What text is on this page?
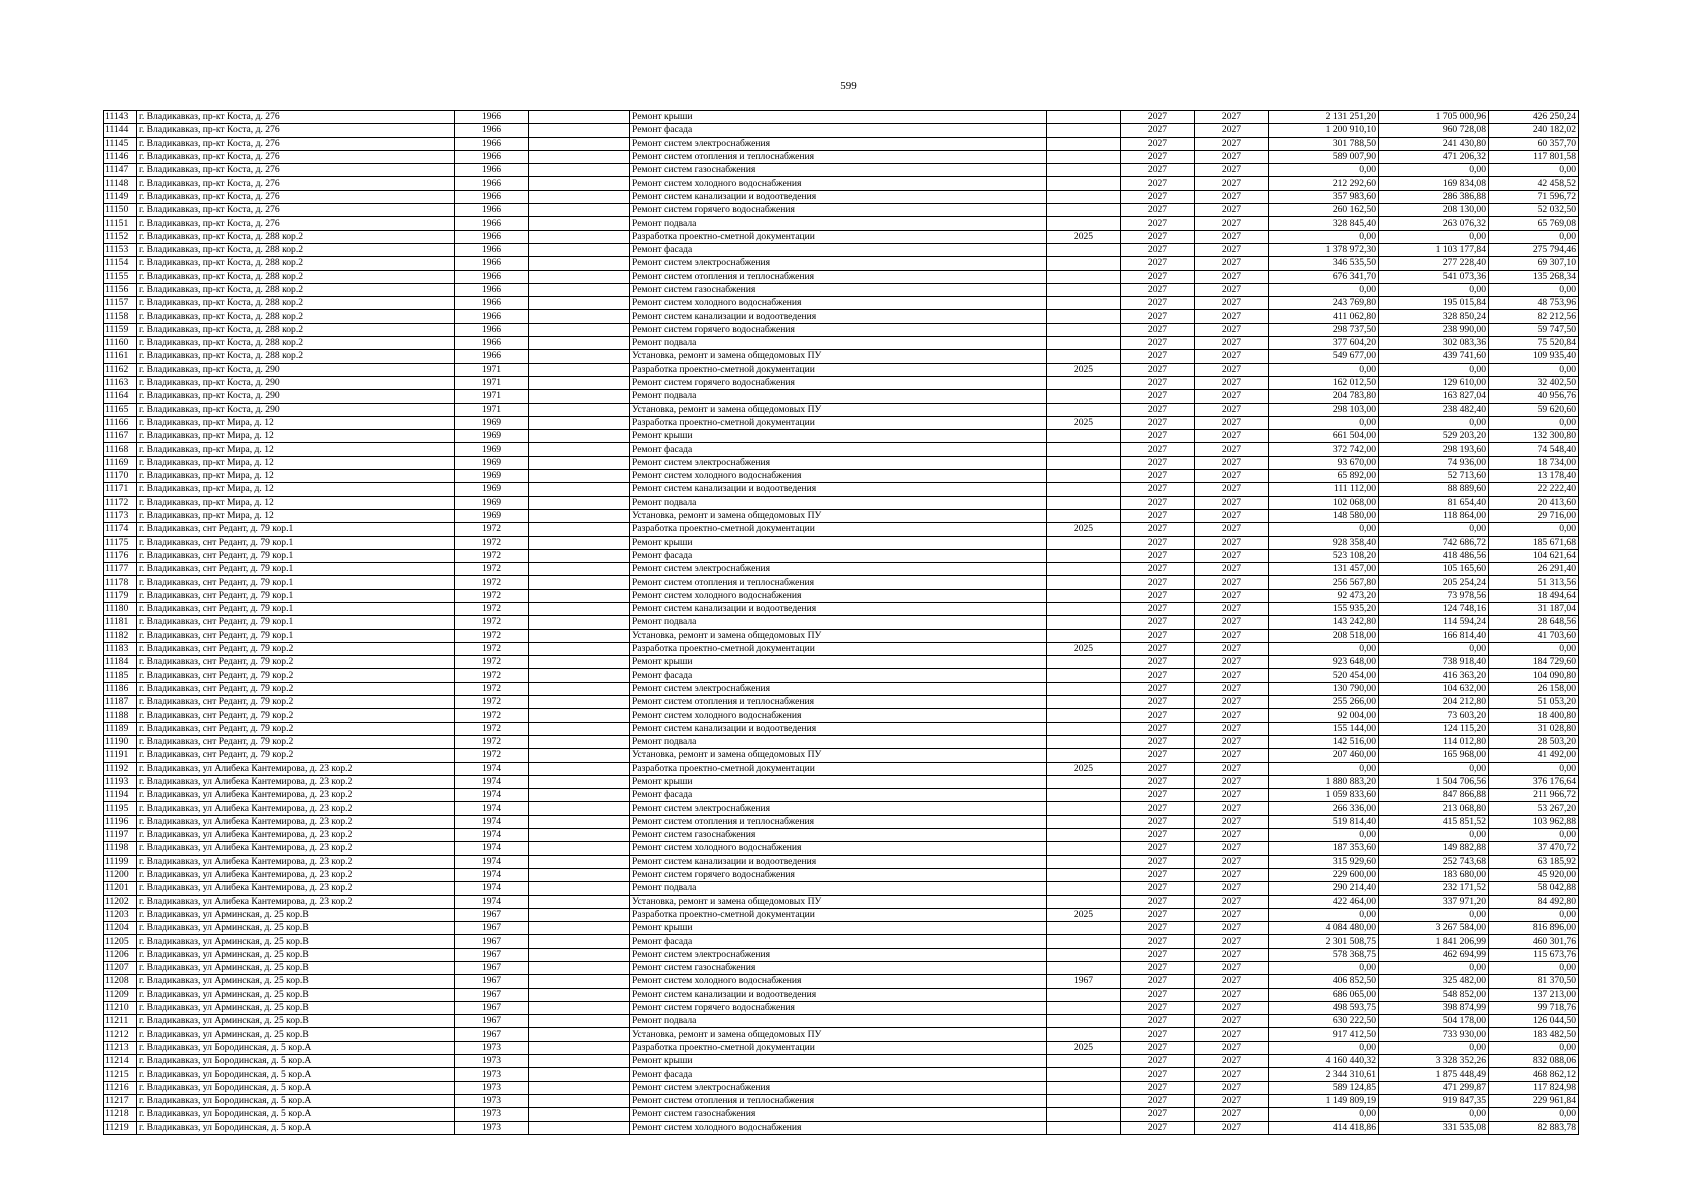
599
11143	г. Владикавказ, пр-кт Коста, д. 276	1966		Ремонт крыши		2027	2027	2 131 251,20	1 705 000,96	426 250,24
11144	г. Владикавказ, пр-кт Коста, д. 276	1966		Ремонт фасада		2027	2027	1 200 910,10	960 728,08	240 182,02
11145	г. Владикавказ, пр-кт Коста, д. 276	1966		Ремонт систем электроснабжения		2027	2027	301 788,50	241 430,80	60 357,70
11146	г. Владикавказ, пр-кт Коста, д. 276	1966		Ремонт систем отопления и теплоснабжения		2027	2027	589 007,90	471 206,32	117 801,58
11147	г. Владикавказ, пр-кт Коста, д. 276	1966		Ремонт систем газоснабжения		2027	2027	0,00	0,00	0,00
11148	г. Владикавказ, пр-кт Коста, д. 276	1966		Ремонт систем холодного водоснабжения		2027	2027	212 292,60	169 834,08	42 458,52
11149	г. Владикавказ, пр-кт Коста, д. 276	1966		Ремонт систем канализации и водоотведения		2027	2027	357 983,60	286 386,88	71 596,72
11150	г. Владикавказ, пр-кт Коста, д. 276	1966		Ремонт систем горячего водоснабжения		2027	2027	260 162,50	208 130,00	52 032,50
11151	г. Владикавказ, пр-кт Коста, д. 276	1966		Ремонт подвала		2027	2027	328 845,40	263 076,32	65 769,08
11152	г. Владикавказ, пр-кт Коста, д. 288 кор.2	1966		Разработка проектно-сметной документации	2025	2027	2027	0,00	0,00	0,00
11153	г. Владикавказ, пр-кт Коста, д. 288 кор.2	1966		Ремонт фасада		2027	2027	1 378 972,30	1 103 177,84	275 794,46
11154	г. Владикавказ, пр-кт Коста, д. 288 кор.2	1966		Ремонт систем электроснабжения		2027	2027	346 535,50	277 228,40	69 307,10
11155	г. Владикавказ, пр-кт Коста, д. 288 кор.2	1966		Ремонт систем отопления и теплоснабжения		2027	2027	676 341,70	541 073,36	135 268,34
11156	г. Владикавказ, пр-кт Коста, д. 288 кор.2	1966		Ремонт систем газоснабжения		2027	2027	0,00	0,00	0,00
11157	г. Владикавказ, пр-кт Коста, д. 288 кор.2	1966		Ремонт систем холодного водоснабжения		2027	2027	243 769,80	195 015,84	48 753,96
11158	г. Владикавказ, пр-кт Коста, д. 288 кор.2	1966		Ремонт систем канализации и водоотведения		2027	2027	411 062,80	328 850,24	82 212,56
11159	г. Владикавказ, пр-кт Коста, д. 288 кор.2	1966		Ремонт систем горячего водоснабжения		2027	2027	298 737,50	238 990,00	59 747,50
11160	г. Владикавказ, пр-кт Коста, д. 288 кор.2	1966		Ремонт подвала		2027	2027	377 604,20	302 083,36	75 520,84
11161	г. Владикавказ, пр-кт Коста, д. 288 кор.2	1966		Установка, ремонт и замена общедомовых ПУ		2027	2027	549 677,00	439 741,60	109 935,40
11162	г. Владикавказ, пр-кт Коста, д. 290	1971		Разработка проектно-сметной документации	2025	2027	2027	0,00	0,00	0,00
11163	г. Владикавказ, пр-кт Коста, д. 290	1971		Ремонт систем горячего водоснабжения		2027	2027	162 012,50	129 610,00	32 402,50
11164	г. Владикавказ, пр-кт Коста, д. 290	1971		Ремонт подвала		2027	2027	204 783,80	163 827,04	40 956,76
11165	г. Владикавказ, пр-кт Коста, д. 290	1971		Установка, ремонт и замена общедомовых ПУ		2027	2027	298 103,00	238 482,40	59 620,60
11166	г. Владикавказ, пр-кт Мира, д. 12	1969		Разработка проектно-сметной документации	2025	2027	2027	0,00	0,00	0,00
11167	г. Владикавказ, пр-кт Мира, д. 12	1969		Ремонт крыши		2027	2027	661 504,00	529 203,20	132 300,80
11168	г. Владикавказ, пр-кт Мира, д. 12	1969		Ремонт фасада		2027	2027	372 742,00	298 193,60	74 548,40
11169	г. Владикавказ, пр-кт Мира, д. 12	1969		Ремонт систем электроснабжения		2027	2027	93 670,00	74 936,00	18 734,00
11170	г. Владикавказ, пр-кт Мира, д. 12	1969		Ремонт систем холодного водоснабжения		2027	2027	65 892,00	52 713,60	13 178,40
11171	г. Владикавказ, пр-кт Мира, д. 12	1969		Ремонт систем канализации и водоотведения		2027	2027	111 112,00	88 889,60	22 222,40
11172	г. Владикавказ, пр-кт Мира, д. 12	1969		Ремонт подвала		2027	2027	102 068,00	81 654,40	20 413,60
11173	г. Владикавказ, пр-кт Мира, д. 12	1969		Установка, ремонт и замена общедомовых ПУ		2027	2027	148 580,00	118 864,00	29 716,00
11174	г. Владикавказ, снт Редант, д. 79 кор.1	1972		Разработка проектно-сметной документации	2025	2027	2027	0,00	0,00	0,00
11175	г. Владикавказ, снт Редант, д. 79 кор.1	1972		Ремонт крыши		2027	2027	928 358,40	742 686,72	185 671,68
11176	г. Владикавказ, снт Редант, д. 79 кор.1	1972		Ремонт фасада		2027	2027	523 108,20	418 486,56	104 621,64
11177	г. Владикавказ, снт Редант, д. 79 кор.1	1972		Ремонт систем электроснабжения		2027	2027	131 457,00	105 165,60	26 291,40
11178	г. Владикавказ, снт Редант, д. 79 кор.1	1972		Ремонт систем отопления и теплоснабжения		2027	2027	256 567,80	205 254,24	51 313,56
11179	г. Владикавказ, снт Редант, д. 79 кор.1	1972		Ремонт систем холодного водоснабжения		2027	2027	92 473,20	73 978,56	18 494,64
11180	г. Владикавказ, снт Редант, д. 79 кор.1	1972		Ремонт систем канализации и водоотведения		2027	2027	155 935,20	124 748,16	31 187,04
11181	г. Владикавказ, снт Редант, д. 79 кор.1	1972		Ремонт подвала		2027	2027	143 242,80	114 594,24	28 648,56
11182	г. Владикавказ, снт Редант, д. 79 кор.1	1972		Установка, ремонт и замена общедомовых ПУ		2027	2027	208 518,00	166 814,40	41 703,60
11183	г. Владикавказ, снт Редант, д. 79 кор.2	1972		Разработка проектно-сметной документации	2025	2027	2027	0,00	0,00	0,00
11184	г. Владикавказ, снт Редант, д. 79 кор.2	1972		Ремонт крыши		2027	2027	923 648,00	738 918,40	184 729,60
11185	г. Владикавказ, снт Редант, д. 79 кор.2	1972		Ремонт фасада		2027	2027	520 454,00	416 363,20	104 090,80
11186	г. Владикавказ, снт Редант, д. 79 кор.2	1972		Ремонт систем электроснабжения		2027	2027	130 790,00	104 632,00	26 158,00
11187	г. Владикавказ, снт Редант, д. 79 кор.2	1972		Ремонт систем отопления и теплоснабжения		2027	2027	255 266,00	204 212,80	51 053,20
11188	г. Владикавказ, снт Редант, д. 79 кор.2	1972		Ремонт систем холодного водоснабжения		2027	2027	92 004,00	73 603,20	18 400,80
11189	г. Владикавказ, снт Редант, д. 79 кор.2	1972		Ремонт систем канализации и водоотведения		2027	2027	155 144,00	124 115,20	31 028,80
11190	г. Владикавказ, снт Редант, д. 79 кор.2	1972		Ремонт подвала		2027	2027	142 516,00	114 012,80	28 503,20
11191	г. Владикавказ, снт Редант, д. 79 кор.2	1972		Установка, ремонт и замена общедомовых ПУ		2027	2027	207 460,00	165 968,00	41 492,00
11192	г. Владикавказ, ул Алибека Кантемирова, д. 23 кор.2	1974		Разработка проектно-сметной документации	2025	2027	2027	0,00	0,00	0,00
11193	г. Владикавказ, ул Алибека Кантемирова, д. 23 кор.2	1974		Ремонт крыши		2027	2027	1 880 883,20	1 504 706,56	376 176,64
11194	г. Владикавказ, ул Алибека Кантемирова, д. 23 кор.2	1974		Ремонт фасада		2027	2027	1 059 833,60	847 866,88	211 966,72
11195	г. Владикавказ, ул Алибека Кантемирова, д. 23 кор.2	1974		Ремонт систем электроснабжения		2027	2027	266 336,00	213 068,80	53 267,20
11196	г. Владикавказ, ул Алибека Кантемирова, д. 23 кор.2	1974		Ремонт систем отопления и теплоснабжения		2027	2027	519 814,40	415 851,52	103 962,88
11197	г. Владикавказ, ул Алибека Кантемирова, д. 23 кор.2	1974		Ремонт систем газоснабжения		2027	2027	0,00	0,00	0,00
11198	г. Владикавказ, ул Алибека Кантемирова, д. 23 кор.2	1974		Ремонт систем холодного водоснабжения		2027	2027	187 353,60	149 882,88	37 470,72
11199	г. Владикавказ, ул Алибека Кантемирова, д. 23 кор.2	1974		Ремонт систем канализации и водоотведения		2027	2027	315 929,60	252 743,68	63 185,92
11200	г. Владикавказ, ул Алибека Кантемирова, д. 23 кор.2	1974		Ремонт систем горячего водоснабжения		2027	2027	229 600,00	183 680,00	45 920,00
11201	г. Владикавказ, ул Алибека Кантемирова, д. 23 кор.2	1974		Ремонт подвала		2027	2027	290 214,40	232 171,52	58 042,88
11202	г. Владикавказ, ул Алибека Кантемирова, д. 23 кор.2	1974		Установка, ремонт и замена общедомовых ПУ		2027	2027	422 464,00	337 971,20	84 492,80
11203	г. Владикавказ, ул Арминская, д. 25 кор.В	1967		Разработка проектно-сметной документации	2025	2027	2027	0,00	0,00	0,00
11204	г. Владикавказ, ул Арминская, д. 25 кор.В	1967		Ремонт крыши		2027	2027	4 084 480,00	3 267 584,00	816 896,00
11205	г. Владикавказ, ул Арминская, д. 25 кор.В	1967		Ремонт фасада		2027	2027	2 301 508,75	1 841 206,99	460 301,76
11206	г. Владикавказ, ул Арминская, д. 25 кор.В	1967		Ремонт систем электроснабжения		2027	2027	578 368,75	462 694,99	115 673,76
11207	г. Владикавказ, ул Арминская, д. 25 кор.В	1967		Ремонт систем газоснабжения		2027	2027	0,00	0,00	0,00
11208	г. Владикавказ, ул Арминская, д. 25 кор.В	1967		Ремонт систем холодного водоснабжения	1967	2027	2027	406 852,50	325 482,00	81 370,50
11209	г. Владикавказ, ул Арминская, д. 25 кор.В	1967		Ремонт систем канализации и водоотведения		2027	2027	686 065,00	548 852,00	137 213,00
11210	г. Владикавказ, ул Арминская, д. 25 кор.В	1967		Ремонт систем горячего водоснабжения		2027	2027	498 593,75	398 874,99	99 718,76
11211	г. Владикавказ, ул Арминская, д. 25 кор.В	1967		Ремонт подвала		2027	2027	630 222,50	504 178,00	126 044,50
11212	г. Владикавказ, ул Арминская, д. 25 кор.В	1967		Установка, ремонт и замена общедомовых ПУ		2027	2027	917 412,50	733 930,00	183 482,50
11213	г. Владикавказ, ул Бородинская, д. 5 кор.А	1973		Разработка проектно-сметной документации	2025	2027	2027	0,00	0,00	0,00
11214	г. Владикавказ, ул Бородинская, д. 5 кор.А	1973		Ремонт крыши		2027	2027	4 160 440,32	3 328 352,26	832 088,06
11215	г. Владикавказ, ул Бородинская, д. 5 кор.А	1973		Ремонт фасада		2027	2027	2 344 310,61	1 875 448,49	468 862,12
11216	г. Владикавказ, ул Бородинская, д. 5 кор.А	1973		Ремонт систем электроснабжения		2027	2027	589 124,85	471 299,87	117 824,98
11217	г. Владикавказ, ул Бородинская, д. 5 кор.А	1973		Ремонт систем отопления и теплоснабжения		2027	2027	1 149 809,19	919 847,35	229 961,84
11218	г. Владикавказ, ул Бородинская, д. 5 кор.А	1973		Ремонт систем газоснабжения		2027	2027	0,00	0,00	0,00
11219	г. Владикавказ, ул Бородинская, д. 5 кор.А	1973		Ремонт систем холодного водоснабжения		2027	2027	414 418,86	331 535,08	82 883,78
